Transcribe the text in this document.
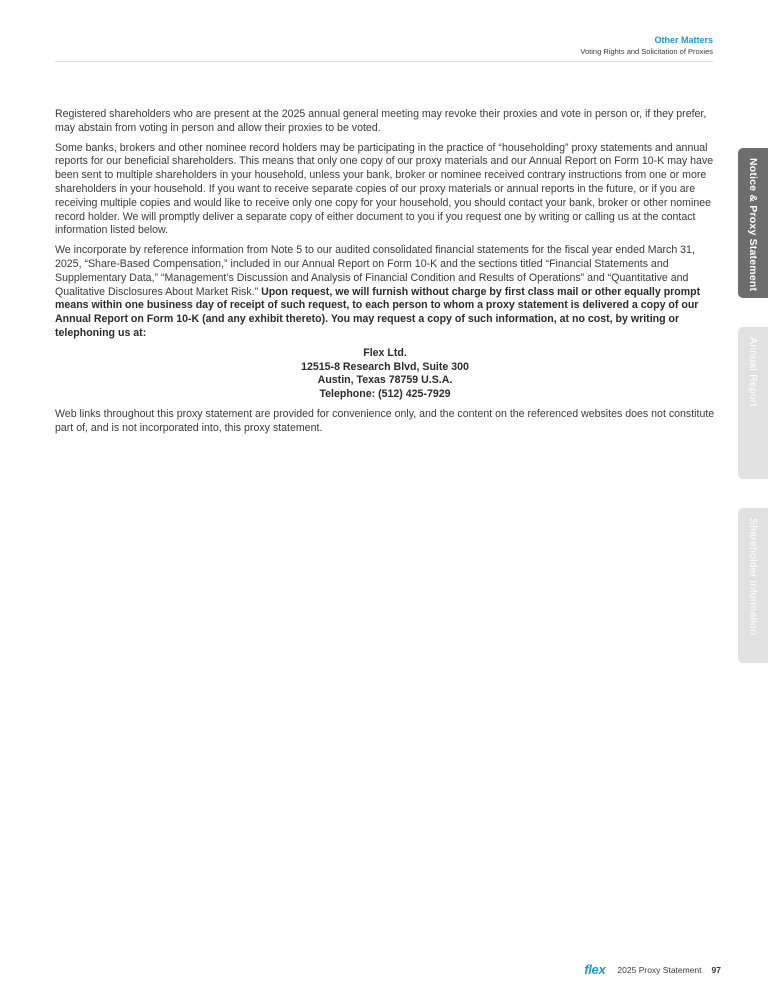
Other Matters
Voting Rights and Solicitation of Proxies

Registered shareholders who are present at the 2025 annual general meeting may revoke their proxies and vote in person or, if they prefer, may abstain from voting in person and allow their proxies to be voted.

Some banks, brokers and other nominee record holders may be participating in the practice of “householding” proxy statements and annual reports for our beneficial shareholders. This means that only one copy of our proxy materials and our Annual Report on Form 10-K may have been sent to multiple shareholders in your household, unless your bank, broker or nominee received contrary instructions from one or more shareholders in your household. If you want to receive separate copies of our proxy materials or annual reports in the future, or if you are receiving multiple copies and would like to receive only one copy for your household, you should contact your bank, broker or other nominee record holder. We will promptly deliver a separate copy of either document to you if you request one by writing or calling us at the contact information listed below.

We incorporate by reference information from Note 5 to our audited consolidated financial statements for the fiscal year ended March 31, 2025, “Share-Based Compensation,” included in our Annual Report on Form 10-K and the sections titled “Financial Statements and Supplementary Data,” “Management’s Discussion and Analysis of Financial Condition and Results of Operations” and “Quantitative and Qualitative Disclosures About Market Risk.” Upon request, we will furnish without charge by first class mail or other equally prompt means within one business day of receipt of such request, to each person to whom a proxy statement is delivered a copy of our Annual Report on Form 10-K (and any exhibit thereto). You may request a copy of such information, at no cost, by writing or telephoning us at:

Flex Ltd.
12515-8 Research Blvd, Suite 300
Austin, Texas 78759 U.S.A.
Telephone: (512) 425-7929

Web links throughout this proxy statement are provided for convenience only, and the content on the referenced websites does not constitute part of, and is not incorporated into, this proxy statement.

Notice & Proxy Statement
Annual Report
Shareholder Information
flex 2025 Proxy Statement 97
